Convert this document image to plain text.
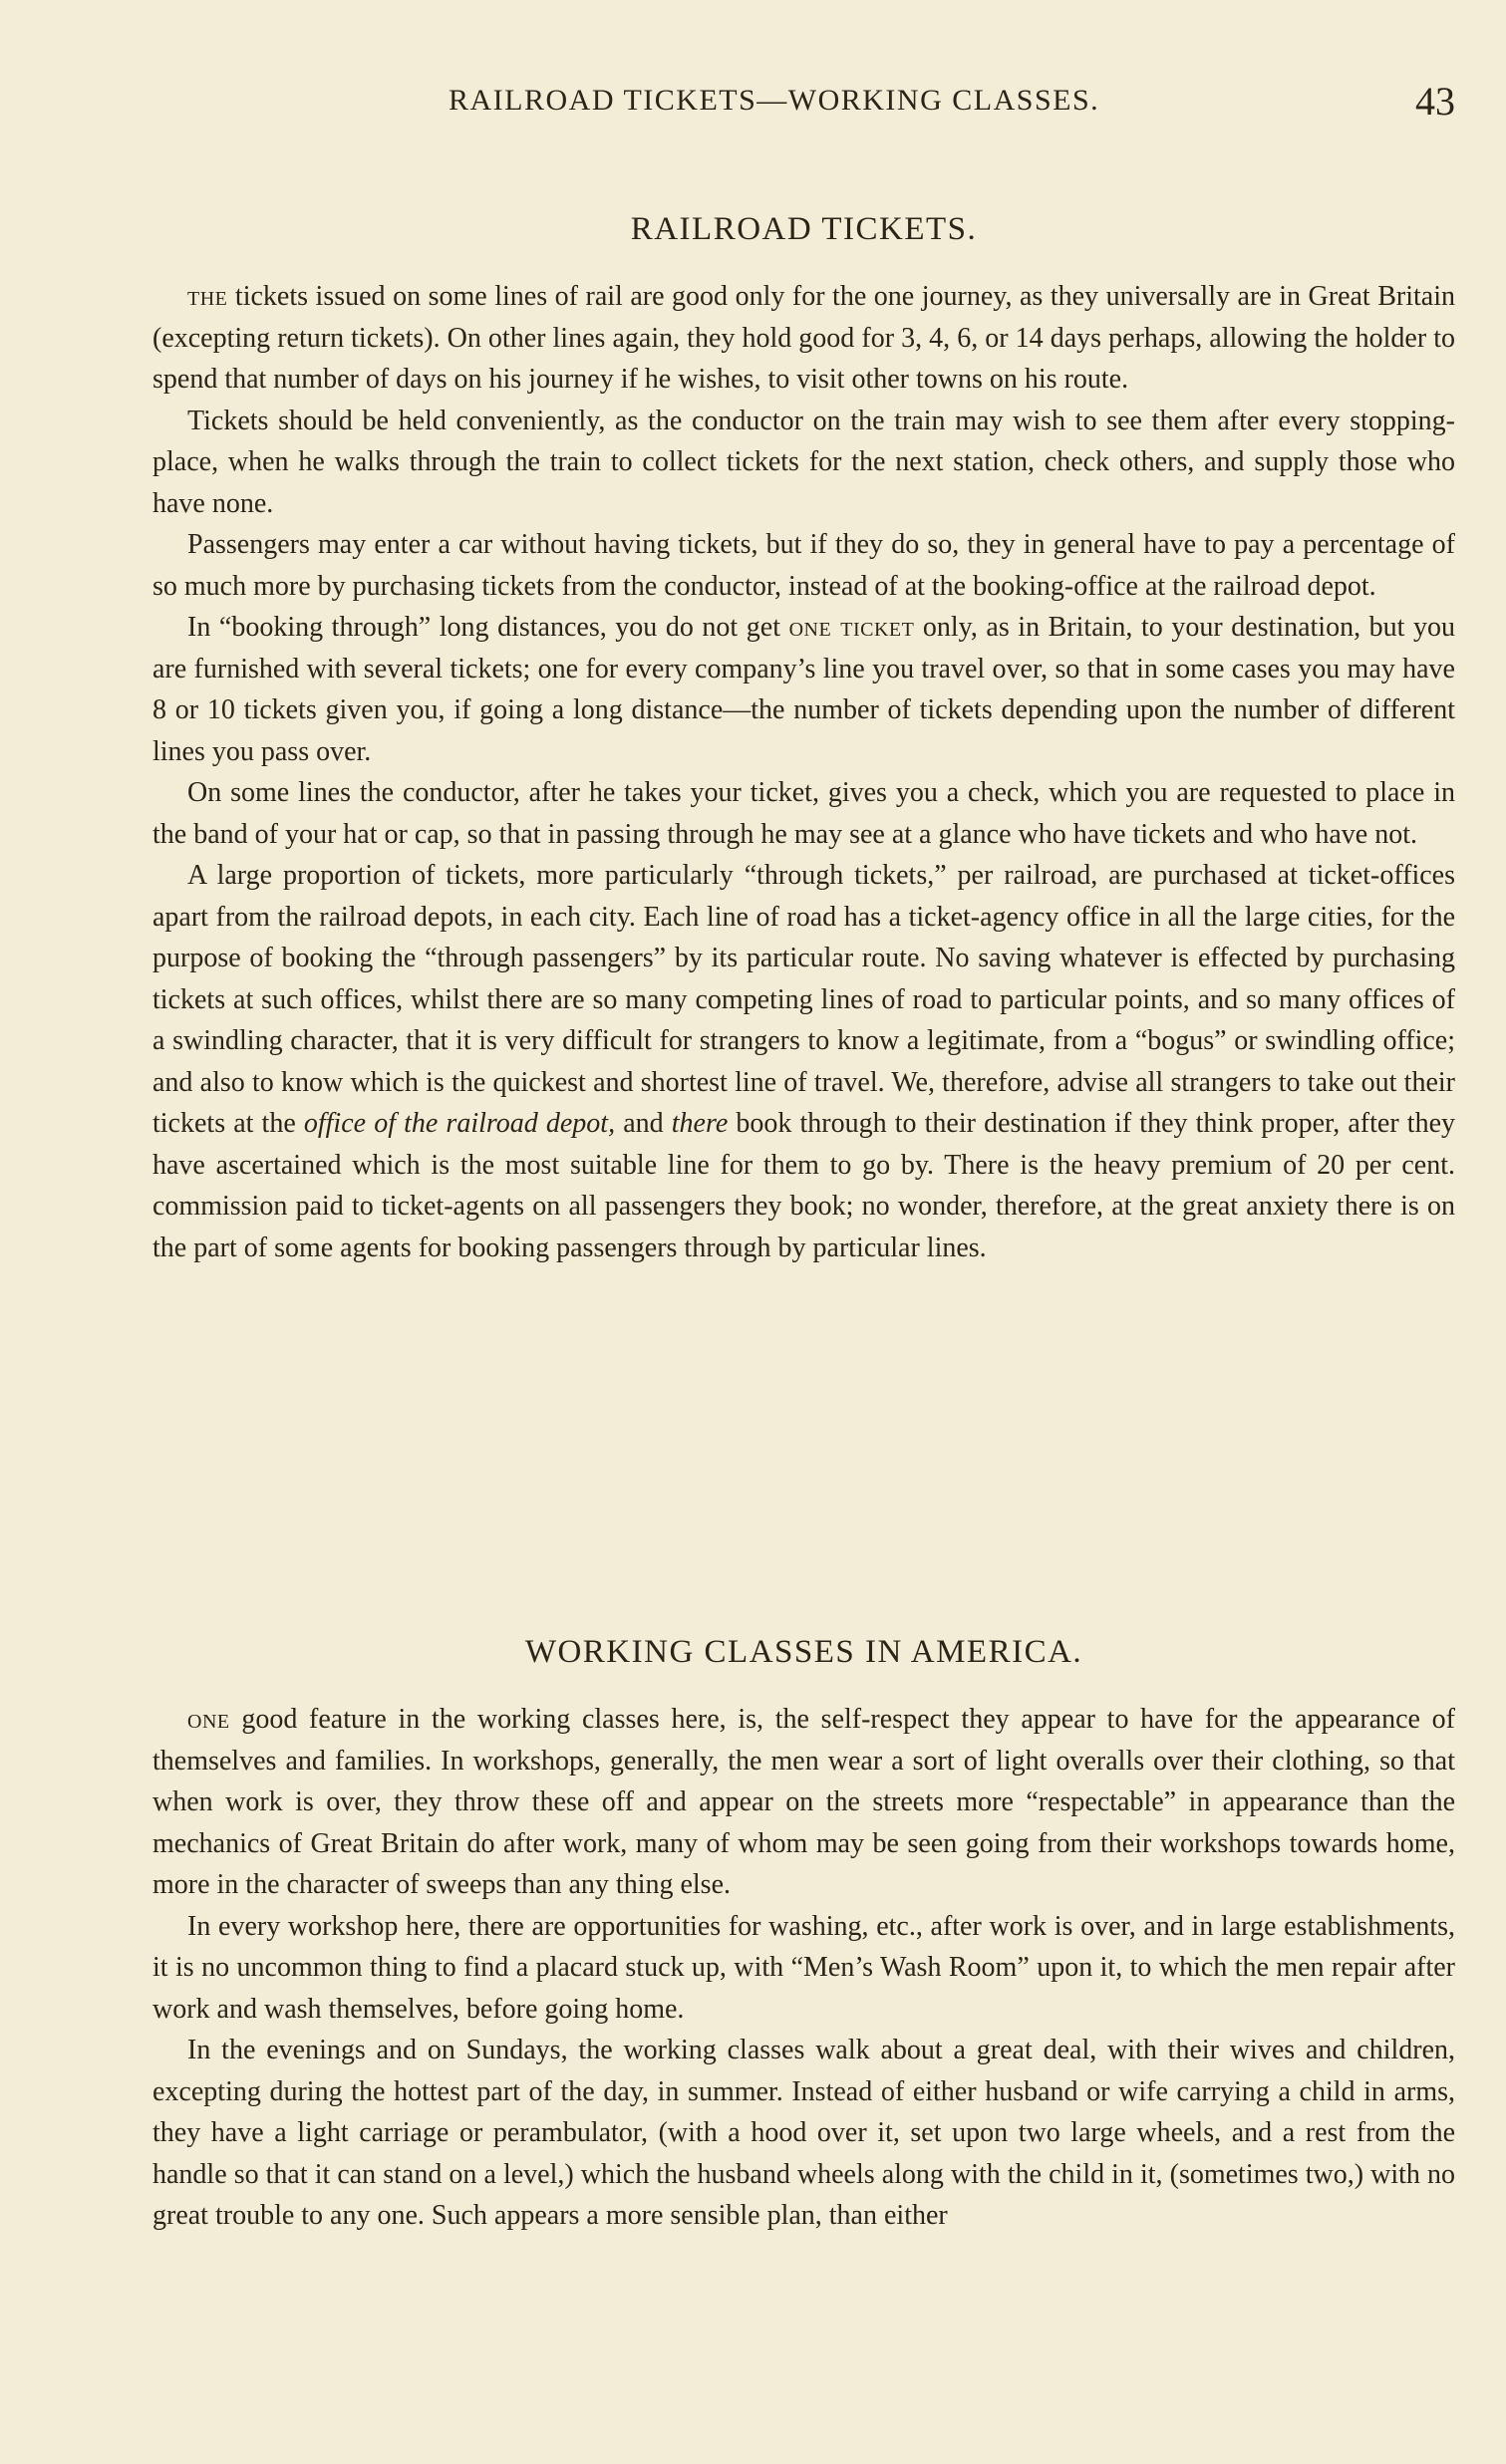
RAILROAD TICKETS—WORKING CLASSES.	43
RAILROAD TICKETS.

the tickets issued on some lines of rail are good only for the one journey, as they universally are in Great Britain (excepting return tickets). On other lines again, they hold good for 3, 4, 6, or 14 days perhaps, allowing the holder to spend that number of days on his journey if he wishes, to visit other towns on his route.

Tickets should be held conveniently, as the conductor on the train may wish to see them after every stopping-place, when he walks through the train to collect tickets for the next station, check others, and supply those who have none.

Passengers may enter a car without having tickets, but if they do so, they in general have to pay a percentage of so much more by purchasing tickets from the conductor, instead of at the booking-office at the railroad depot.

In “booking through” long distances, you do not get one ticket only, as in Britain, to your destination, but you are furnished with several tickets; one for every company’s line you travel over, so that in some cases you may have 8 or 10 tickets given you, if going a long distance—the number of tickets depending upon the number of different lines you pass over.

On some lines the conductor, after he takes your ticket, gives you a check, which you are requested to place in the band of your hat or cap, so that in passing through he may see at a glance who have tickets and who have not.

A large proportion of tickets, more particularly “through tickets,” per railroad, are purchased at ticket-offices apart from the railroad depots, in each city. Each line of road has a ticket-agency office in all the large cities, for the purpose of booking the “through passengers” by its particular route. No saving whatever is effected by purchasing tickets at such offices, whilst there are so many competing lines of road to particular points, and so many offices of a swindling character, that it is very difficult for strangers to know a legitimate, from a “bogus” or swindling office; and also to know which is the quickest and shortest line of travel. We, therefore, advise all strangers to take out their tickets at the office of the railroad depot, and there book through to their destination if they think proper, after they have ascertained which is the most suitable line for them to go by. There is the heavy premium of 20 per cent. commission paid to ticket-agents on all passengers they book; no wonder, therefore, at the great anxiety there is on the part of some agents for booking passengers through by particular lines.

WORKING CLASSES IN AMERICA.

one good feature in the working classes here, is, the self-respect they appear to have for the appearance of themselves and families. In workshops, generally, the men wear a sort of light overalls over their clothing, so that when work is over, they throw these off and appear on the streets more “respectable” in appearance than the mechanics of Great Britain do after work, many of whom may be seen going from their workshops towards home, more in the character of sweeps than any thing else.

In every workshop here, there are opportunities for washing, etc., after work is over, and in large establishments, it is no uncommon thing to find a placard stuck up, with “Men’s Wash Room” upon it, to which the men repair after work and wash themselves, before going home.

In the evenings and on Sundays, the working classes walk about a great deal, with their wives and children, excepting during the hottest part of the day, in summer. Instead of either husband or wife carrying a child in arms, they have a light carriage or perambulator, (with a hood over it, set upon two large wheels, and a rest from the handle so that it can stand on a level,) which the husband wheels along with the child in it, (sometimes two,) with no great trouble to any one. Such appears a more sensible plan, than either
